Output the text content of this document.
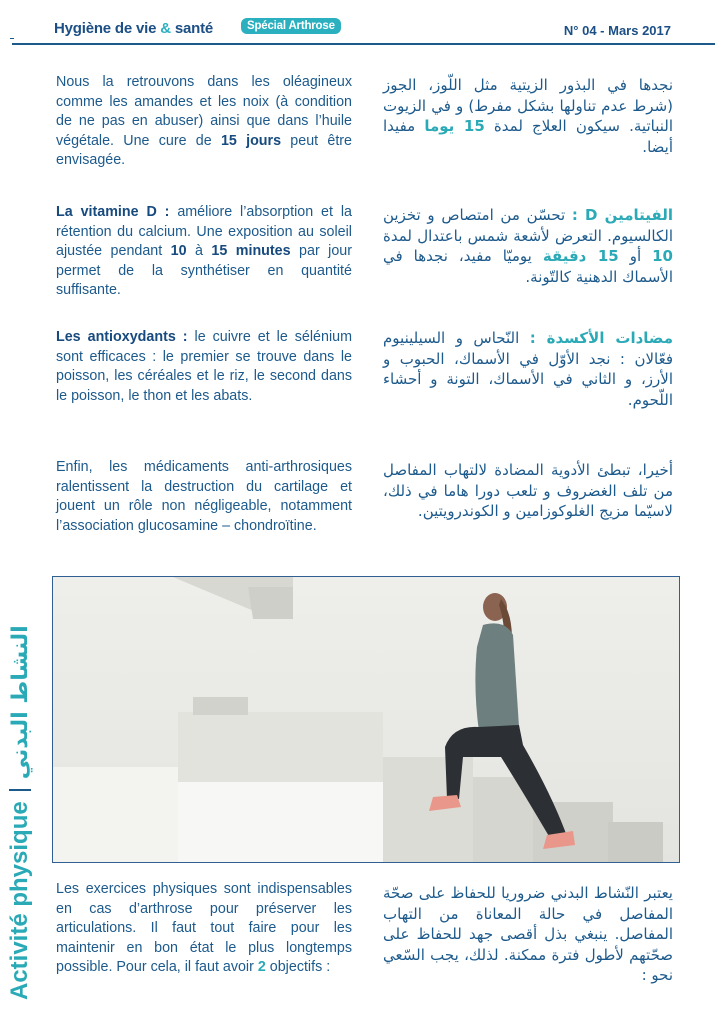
Hygiène de vie & santé	Spécial Arthrose	N° 04 - Mars 2017
Nous la retrouvons dans les oléagineux comme les amandes et les noix (à condition de ne pas en abuser) ainsi que dans l’huile végétale. Une cure de 15 jours peut être envisagée.
نجدها في البذور الزيتية مثل اللّوز، الجوز (شرط عدم تناولها بشكل مفرط) و في الزيوت النباتية. سيكون العلاج لمدة 15 يوما مفيدا أيضا.
La vitamine D : améliore l’absorption et la rétention du calcium. Une exposition au soleil ajustée pendant 10 à 15 minutes par jour permet de la synthétiser en quantité suffisante.
الفيتامين D : تحسّن من امتصاص و تخزين الكالسيوم. التعرض لأشعة شمس باعتدال لمدة 10 أو 15 دقيقة يوميّا مفيد، نجدها في الأسماك الدهنية كالتّونة.
Les antioxydants : le cuivre et le sélénium sont efficaces : le premier se trouve dans le poisson, les céréales et le riz, le second dans le poisson, le thon et les abats.
مضادات الأكسدة : النّحاس و السيلينيوم فعّالان : نجد الأوّل في الأسماك، الحبوب و الأرز، و الثاني في الأسماك، التونة و أحشاء اللّحوم.
Enfin, les médicaments anti-arthrosiques ralentissent la destruction du cartilage et jouent un rôle non négligeable, notamment l’association glucosamine – chondroïtine.
أخيرا، تبطئ الأدوية المضادة لالتهاب المفاصل من تلف الغضروف و تلعب دورا هاما في ذلك، لاسيّما مزيج الغلوكوزامين و الكوندرويتين.
Les exercices physiques sont indispensables en cas d’arthrose pour préserver les articulations. Il faut tout faire pour les maintenir en bon état le plus longtemps possible. Pour cela, il faut avoir 2 objectifs :
يعتبر النّشاط البدني ضروريا للحفاظ على صحّة المفاصل في حالة المعاناة من التهاب المفاصل. ينبغي بذل أقصى جهد للحفاظ على صحّتهم لأطول فترة ممكنة. لذلك، يجب السّعي نحو :
Activité physique
النشاط البدني
